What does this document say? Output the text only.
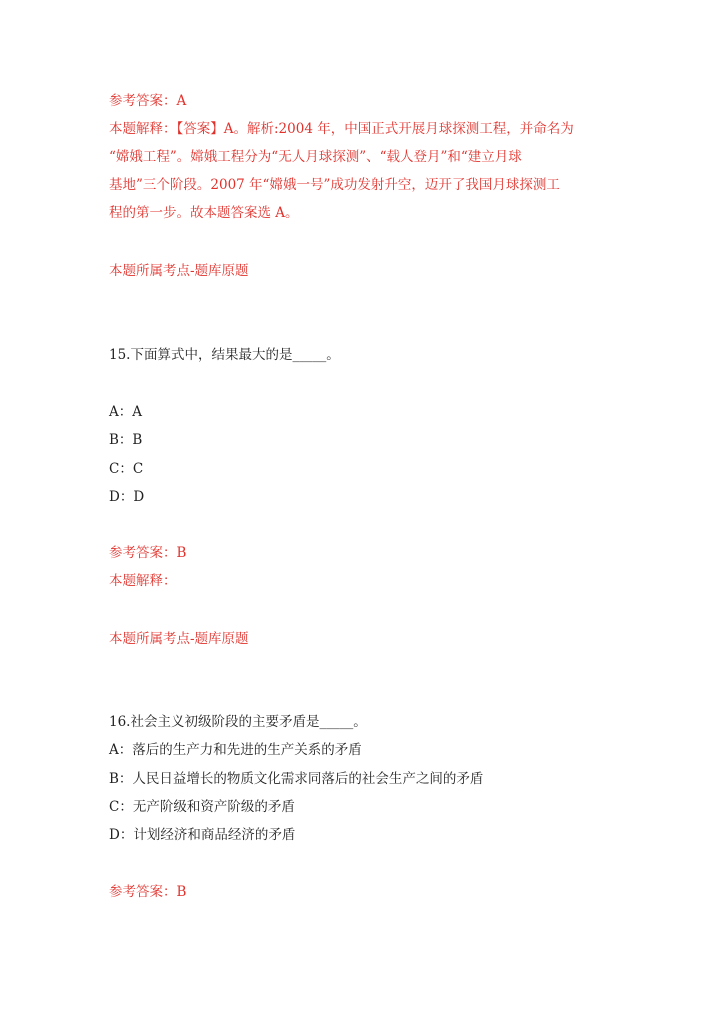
参考答案：A
本题解释：【答案】A。解析:2004 年，中国正式开展月球探测工程，并命名为
“嫦娥工程”。嫦娥工程分为“无人月球探测”、“载人登月”和“建立月球
基地”三个阶段。2007 年“嫦娥一号”成功发射升空，迈开了我国月球探测工
程的第一步。故本题答案选 A。
本题所属考点-题库原题
15.下面算式中，结果最大的是_____。
A：A
B：B
C：C
D：D
参考答案：B
本题解释：
本题所属考点-题库原题
16.社会主义初级阶段的主要矛盾是_____。
A：落后的生产力和先进的生产关系的矛盾
B：人民日益增长的物质文化需求同落后的社会生产之间的矛盾
C：无产阶级和资产阶级的矛盾
D：计划经济和商品经济的矛盾
参考答案：B
